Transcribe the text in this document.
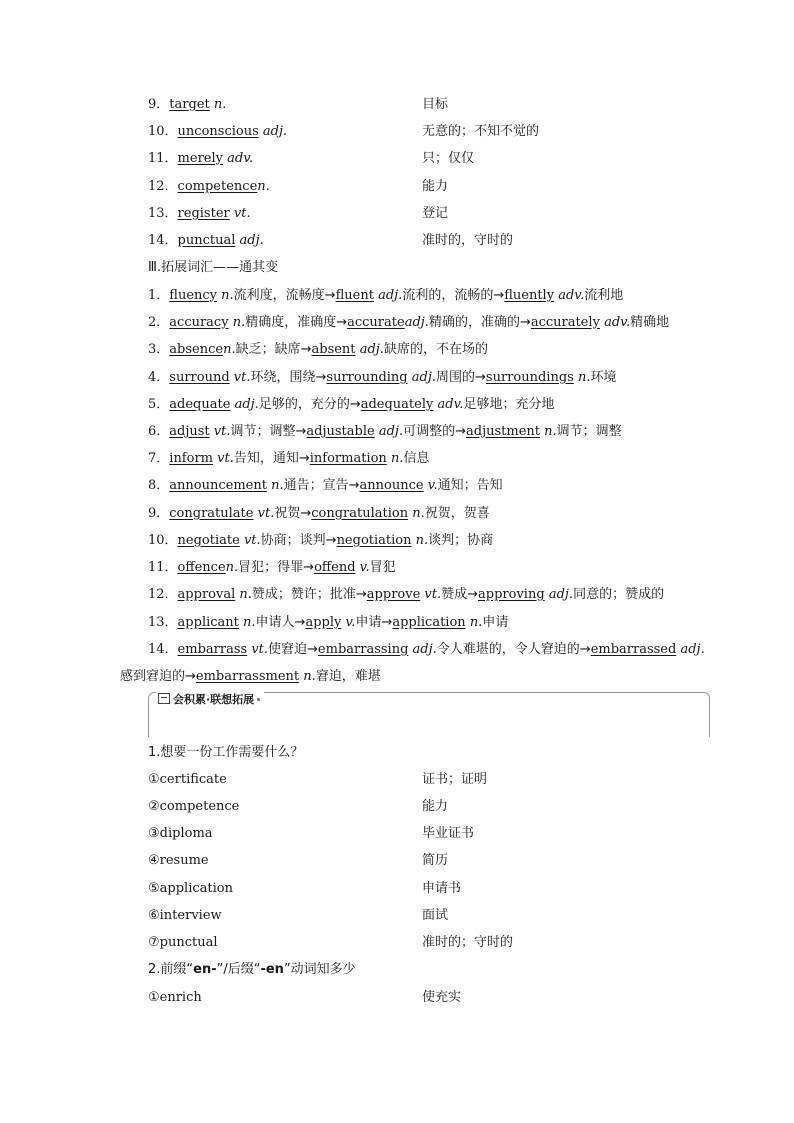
9．target n.	目标
10．unconscious adj.	无意的；不知不觉的
11．merely adv.	只；仅仅
12．competencen.	能力
13．register vt.	登记
14．punctual adj.	准时的，守时的
Ⅲ.拓展词汇——通其变
1．fluency n.流利度，流畅度→fluent adj.流利的，流畅的→fluently adv.流利地
2．accuracy n.精确度，准确度→accurateadj.精确的，准确的→accurately adv.精确地
3．absencen.缺乏；缺席→absent adj.缺席的，不在场的
4．surround vt.环绕，围绕→surrounding adj.周围的→surroundings n.环境
5．adequate adj.足够的，充分的→adequately adv.足够地；充分地
6．adjust vt.调节；调整→adjustable adj.可调整的→adjustment n.调节；调整
7．inform vt.告知，通知→information n.信息
8．announcement n.通告；宣告→announce v.通知；告知
9．congratulate vt.祝贺→congratulation n.祝贺，贺喜
10．negotiate vt.协商；谈判→negotiation n.谈判；协商
11．offencen.冒犯；得罪→offend v.冒犯
12．approval n.赞成；赞许；批准→approve vt.赞成→approving adj.同意的；赞成的
13．applicant n.申请人→apply v.申请→application n.申请
14．embarrass vt.使窘迫→embarrassing adj.令人难堪的，令人窘迫的→embarrassed adj.
感到窘迫的→embarrassment n.窘迫，难堪
会积累·联想拓展
1.想要一份工作需要什么？
①certificate	证书；证明
②competence	能力
③diploma	毕业证书
④resume	简历
⑤application	申请书
⑥interview	面试
⑦punctual	准时的；守时的
2.前缀“en-”/后缀“-en”动词知多少
①enrich	使充实
